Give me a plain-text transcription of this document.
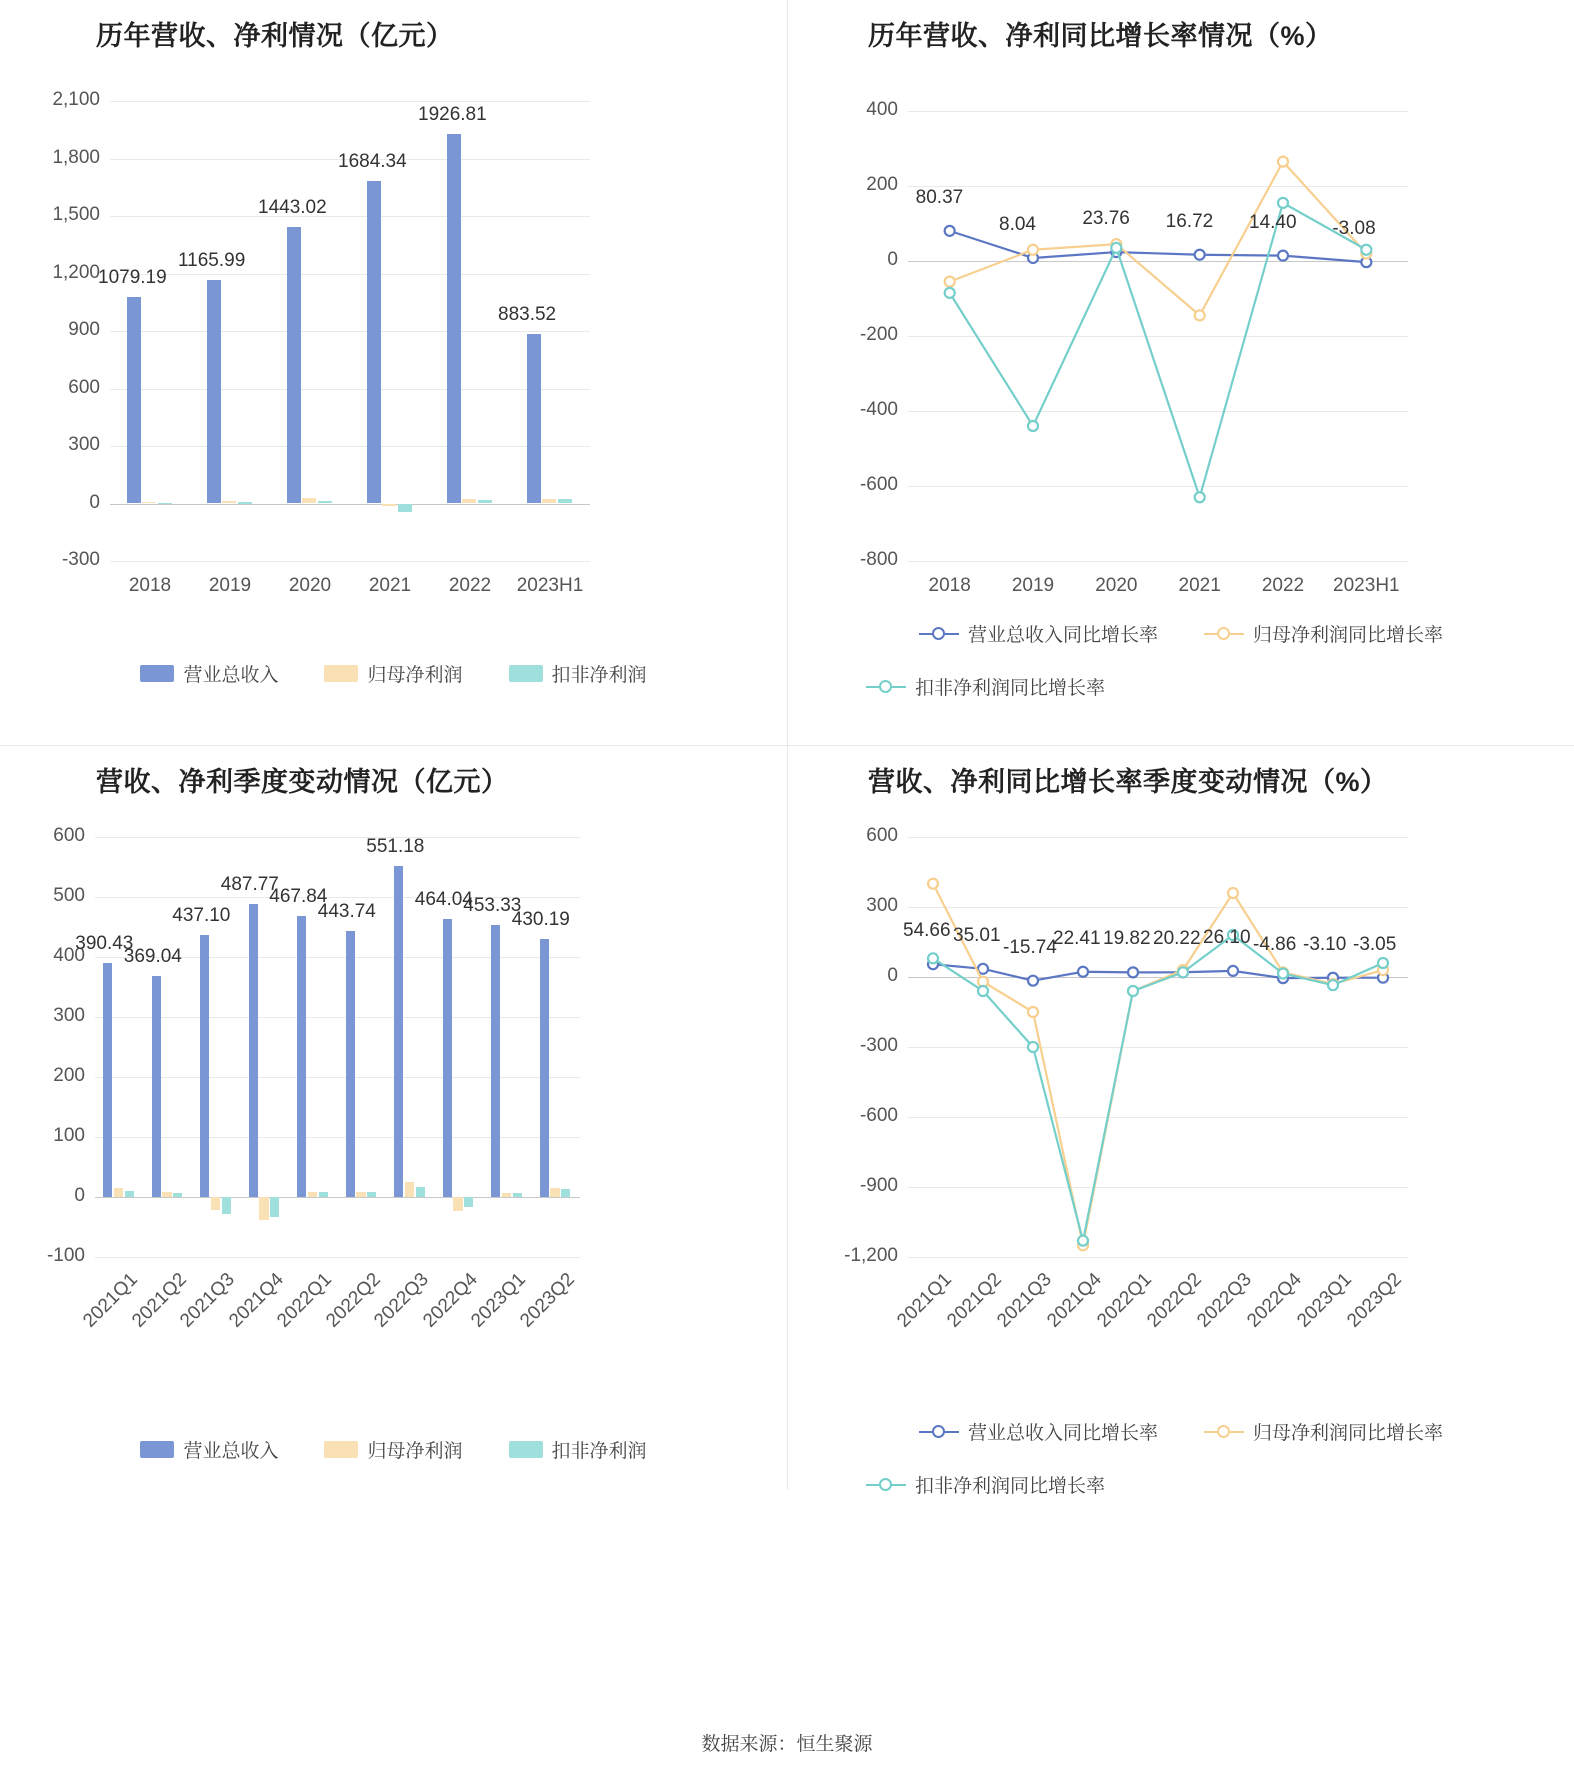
历年营收、净利情况（亿元）
-300
0
300
600
900
1,200
1,500
1,800
2,100
2018
1079.19
2019
1165.99
2020
1443.02
2021
1684.34
2022
1926.81
2023H1
883.52
营业总收入	归母净利润	扣非净利润
历年营收、净利同比增长率情况（%）
-800
-600
-400
-200
0
200
400
2018
80.37
2019
8.04
2020
23.76
2021
16.72
2022
14.40
2023H1
-3.08
营业总收入同比增长率	归母净利润同比增长率
扣非净利润同比增长率
营收、净利季度变动情况（亿元）
-100
0
100
200
300
400
500
600
2021Q1
390.43
2021Q2
369.04
2021Q3
437.10
2021Q4
487.77
2022Q1
467.84
2022Q2
443.74
2022Q3
551.18
2022Q4
464.04
2023Q1
453.33
2023Q2
430.19
营业总收入	归母净利润	扣非净利润
营收、净利同比增长率季度变动情况（%）
-1,200
-900
-600
-300
0
300
600
2021Q1
54.66
2021Q2
35.01
2021Q3
-15.74
2021Q4
22.41
2022Q1
19.82
2022Q2
20.22
2022Q3
26.10
2022Q4
-4.86
2023Q1
-3.10
2023Q2
-3.05
营业总收入同比增长率	归母净利润同比增长率
扣非净利润同比增长率
数据来源：恒生聚源
